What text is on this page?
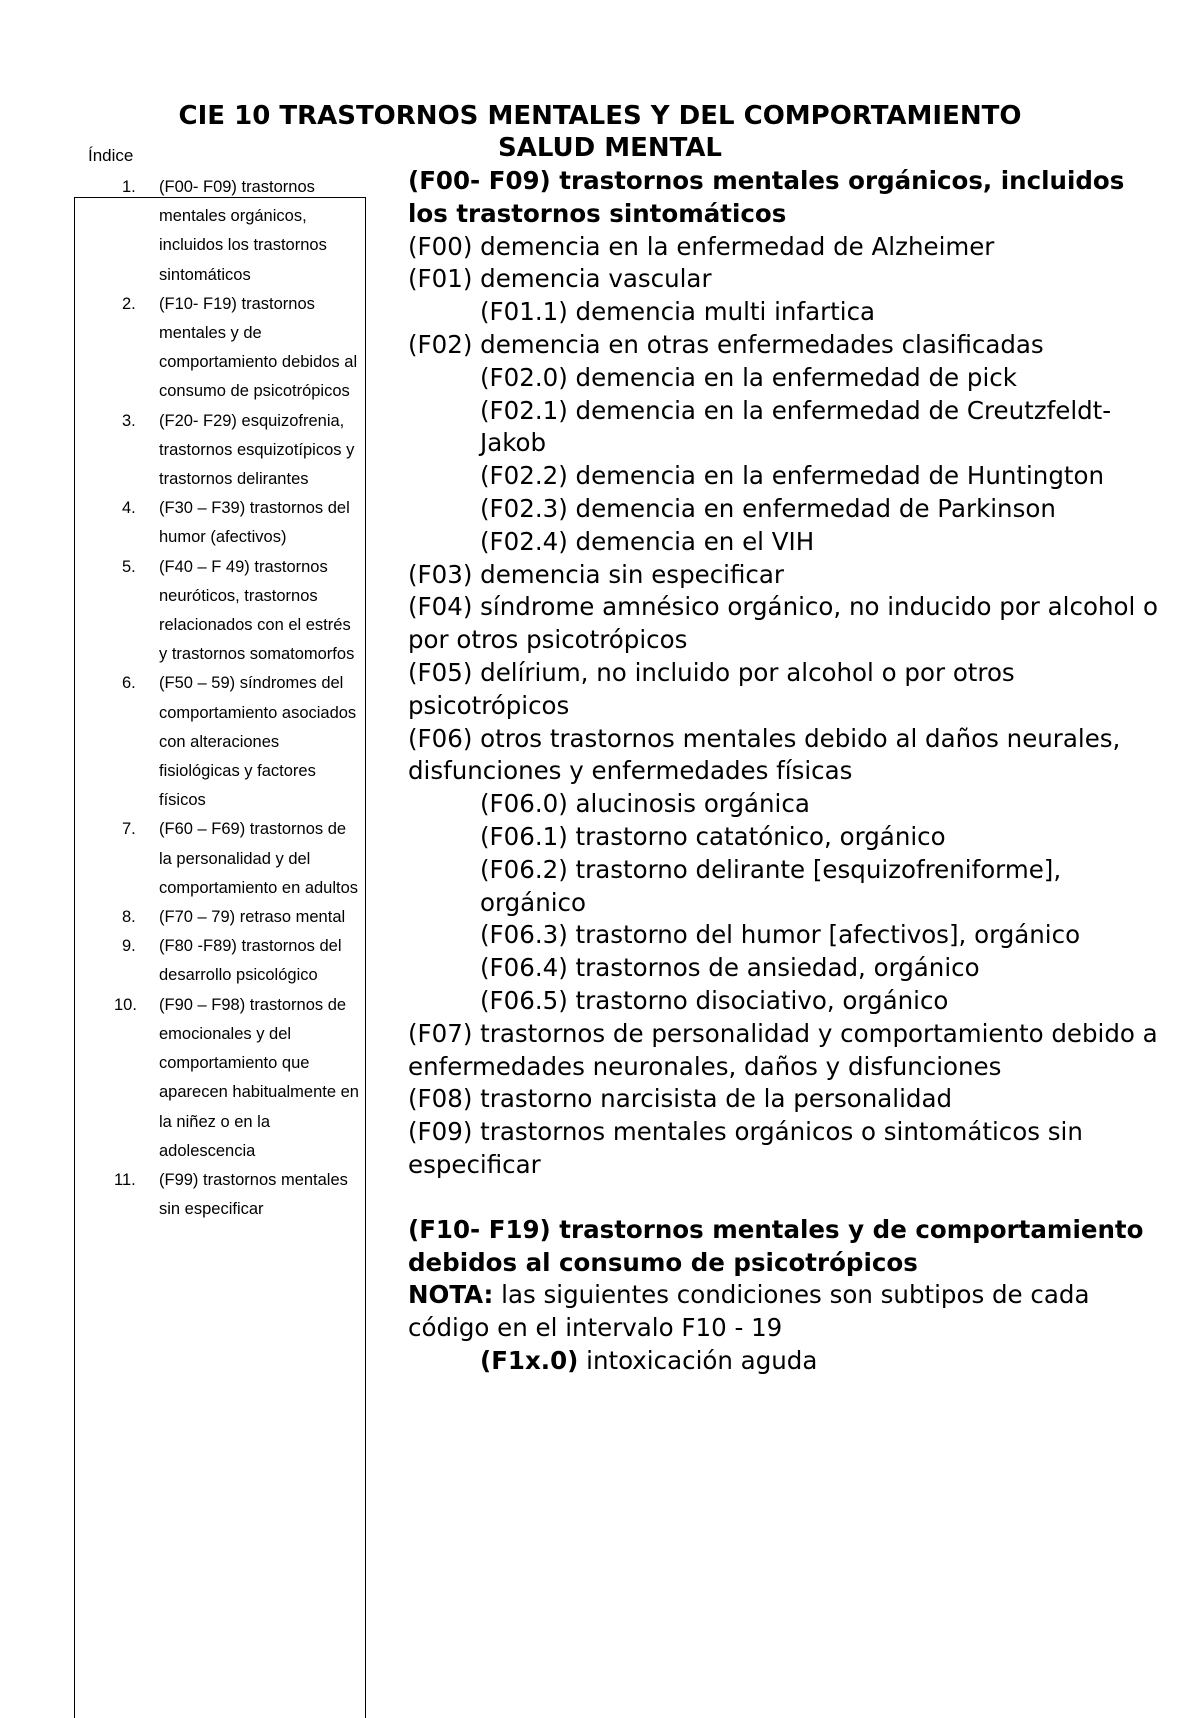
CIE 10 TRASTORNOS MENTALES Y DEL COMPORTAMIENTO
SALUD MENTAL
Índice
1. (F00- F09) trastornos mentales orgánicos, incluidos los trastornos sintomáticos
2. (F10- F19) trastornos mentales y de comportamiento debidos al consumo de psicotrópicos
3. (F20- F29) esquizofrenia, trastornos esquizotípicos y trastornos delirantes
4. (F30 – F39) trastornos del humor (afectivos)
5. (F40 – F 49) trastornos neuróticos, trastornos relacionados con el estrés y trastornos somatomorfos
6. (F50 – 59) síndromes del comportamiento asociados con alteraciones fisiológicas y factores físicos
7. (F60 – F69) trastornos de la personalidad y del comportamiento en adultos
8. (F70 – 79) retraso mental
9. (F80 -F89) trastornos del desarrollo psicológico
10. (F90 – F98) trastornos de emocionales y del comportamiento que aparecen habitualmente en la niñez o en la adolescencia
11. (F99) trastornos mentales sin especificar

(F00- F09) trastornos mentales orgánicos, incluidos los trastornos sintomáticos

(F00) demencia en la enfermedad de Alzheimer

(F01) demencia vascular

(F01.1) demencia multi infartica

(F02) demencia en otras enfermedades clasificadas

(F02.0) demencia en la enfermedad de pick

(F02.1) demencia en la enfermedad de Creutzfeldt-Jakob

(F02.2) demencia en la enfermedad de Huntington

(F02.3) demencia en enfermedad de Parkinson

(F02.4) demencia en el VIH

(F03) demencia sin especificar

(F04) síndrome amnésico orgánico, no inducido por alcohol o por otros psicotrópicos

(F05) delírium, no incluido por alcohol o por otros psicotrópicos

(F06) otros trastornos mentales debido al daños neurales, disfunciones y enfermedades físicas

(F06.0) alucinosis orgánica

(F06.1) trastorno catatónico, orgánico

(F06.2) trastorno delirante [esquizofreniforme], orgánico

(F06.3) trastorno del humor [afectivos], orgánico

(F06.4) trastornos de ansiedad, orgánico

(F06.5) trastorno disociativo, orgánico

(F07) trastornos de personalidad y comportamiento debido a enfermedades neuronales, daños y disfunciones

(F08) trastorno narcisista de la personalidad

(F09) trastornos mentales orgánicos o sintomáticos sin especificar

(F10- F19) trastornos mentales y de comportamiento debidos al consumo de psicotrópicos

NOTA: las siguientes condiciones son subtipos de cada código en el intervalo F10 - 19

(F1x.0) intoxicación aguda
